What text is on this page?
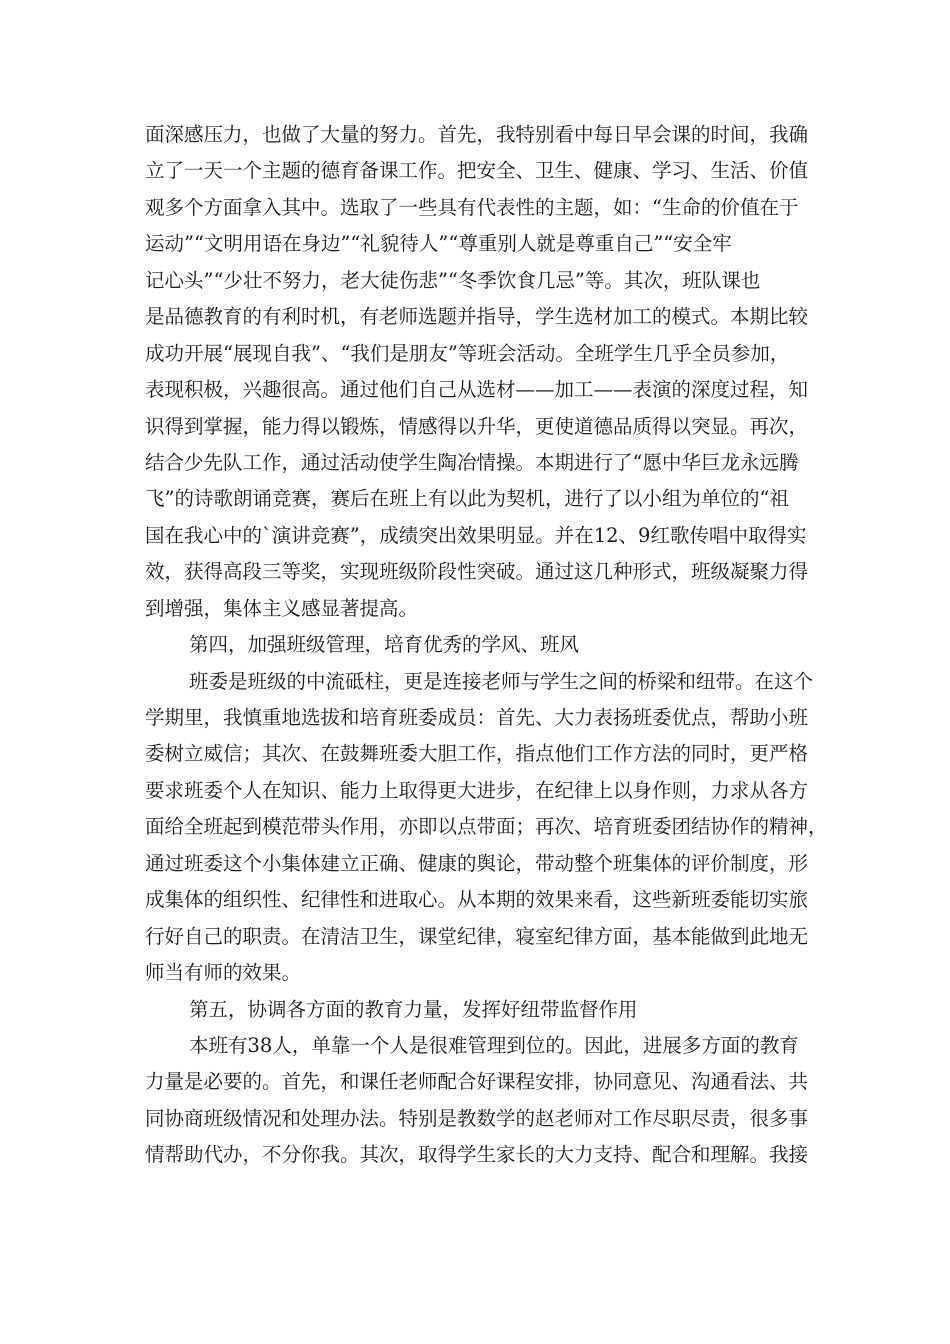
面深感压力，也做了大量的努力。首先，我特别看中每日早会课的时间，我确
立了一天一个主题的德育备课工作。把安全、卫生、健康、学习、生活、价值
观多个方面拿入其中。选取了一些具有代表性的主题，如：“生命的价值在于
运动”“文明用语在身边”“礼貌待人”“尊重别人就是尊重自己”“安全牢
记心头”“少壮不努力，老大徒伤悲”“冬季饮食几忌”等。其次，班队课也
是品德教育的有利时机，有老师选题并指导，学生选材加工的模式。本期比较
成功开展“展现自我”、“我们是朋友”等班会活动。全班学生几乎全员参加，
表现积极，兴趣很高。通过他们自己从选材——加工——表演的深度过程，知
识得到掌握，能力得以锻炼，情感得以升华，更使道德品质得以突显。再次，
结合少先队工作，通过活动使学生陶冶情操。本期进行了“愿中华巨龙永远腾
飞”的诗歌朗诵竞赛，赛后在班上有以此为契机，进行了以小组为单位的“祖
国在我心中的`演讲竞赛”，成绩突出效果明显。并在12、9红歌传唱中取得实
效，获得高段三等奖，实现班级阶段性突破。通过这几种形式，班级凝聚力得
到增强，集体主义感显著提高。
第四，加强班级管理，培育优秀的学风、班风
班委是班级的中流砥柱，更是连接老师与学生之间的桥梁和纽带。在这个
学期里，我慎重地选拔和培育班委成员：首先、大力表扬班委优点，帮助小班
委树立威信；其次、在鼓舞班委大胆工作，指点他们工作方法的同时，更严格
要求班委个人在知识、能力上取得更大进步，在纪律上以身作则，力求从各方
面给全班起到模范带头作用，亦即以点带面；再次、培育班委团结协作的精神，
通过班委这个小集体建立正确、健康的舆论，带动整个班集体的评价制度，形
成集体的组织性、纪律性和进取心。从本期的效果来看，这些新班委能切实旅
行好自己的职责。在清洁卫生，课堂纪律，寝室纪律方面，基本能做到此地无
师当有师的效果。
第五，协调各方面的教育力量，发挥好纽带监督作用
本班有38人，单靠一个人是很难管理到位的。因此，进展多方面的教育
力量是必要的。首先，和课任老师配合好课程安排，协同意见、沟通看法、共
同协商班级情况和处理办法。特别是教数学的赵老师对工作尽职尽责，很多事
情帮助代办，不分你我。其次，取得学生家长的大力支持、配合和理解。我接
